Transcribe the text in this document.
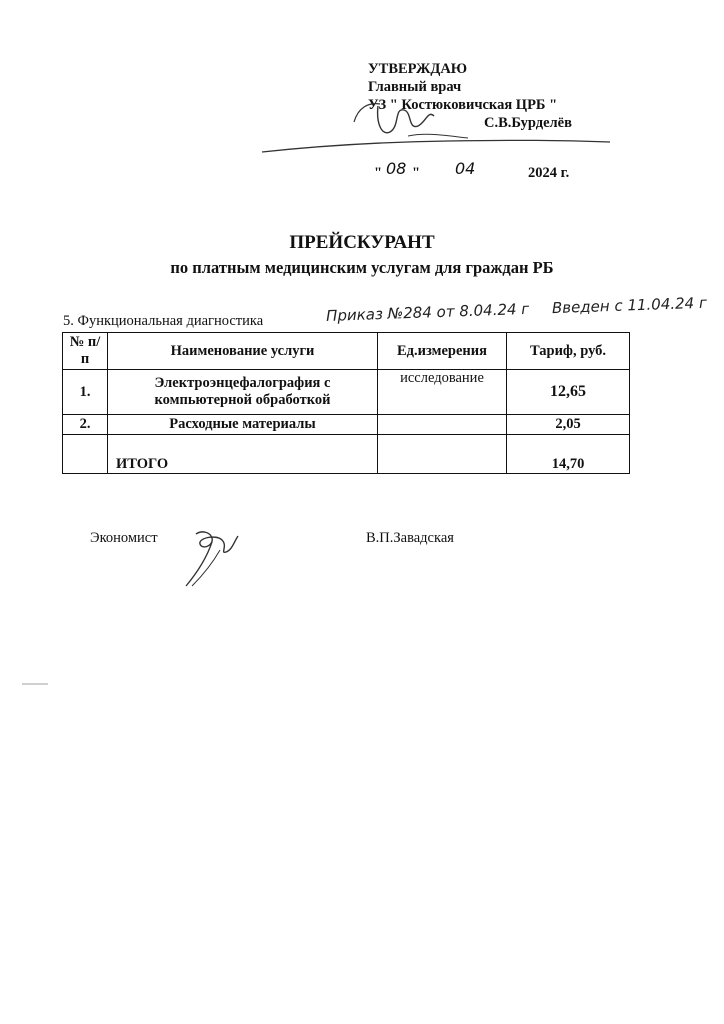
УТВЕРЖДАЮ
Главный врач
УЗ " Костюковичская ЦРБ "
С.В.Бурделёв
" 08 " 04	2024 г.
ПРЕЙСКУРАНТ
по платным медицинским услугам для граждан РБ
5. Функциональная диагностика	Приказ №284 от 8.04.24 г Введен с 11.04.24 г
№ п/п	Наименование услуги	Ед.измерения	Тариф, руб.
1.	Электроэнцефалография с компьютерной обработкой	исследование	12,65
2.	Расходные материалы		2,05
	ИТОГО		14,70
Экономист	В.П.Завадская
